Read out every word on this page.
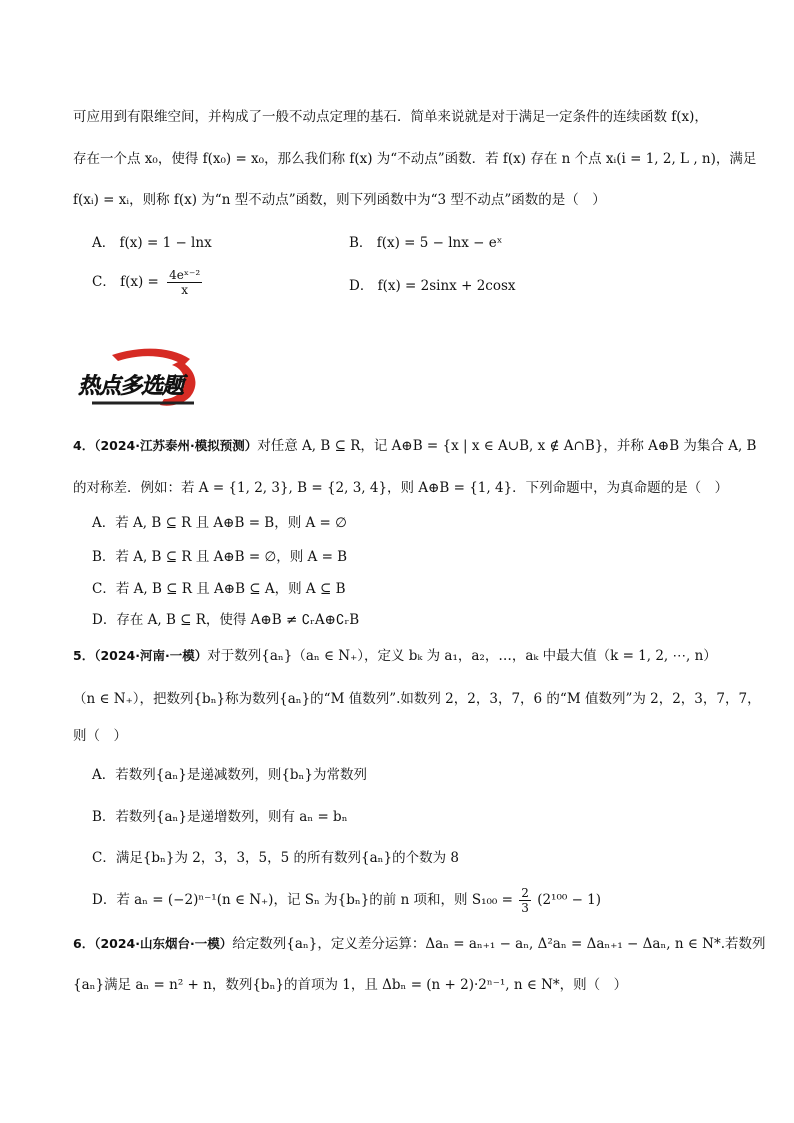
可应用到有限维空间，并构成了一般不动点定理的基石．简单来说就是对于满足一定条件的连续函数 f(x)，
存在一个点 x₀，使得 f(x₀) = x₀，那么我们称 f(x) 为“不动点”函数．若 f(x) 存在 n 个点 xᵢ(i = 1, 2, L , n)，满足
f(xᵢ) = xᵢ，则称 f(x) 为“n 型不动点”函数，则下列函数中为“3 型不动点”函数的是（　）
A． f(x) = 1 − lnx	B． f(x) = 5 − lnx − eˣ
C． $f(x) = \frac{\text{4eˣ⁻²}}{x}$	D． f(x) = 2sinx + 2cosx
热点多选题
4．（2024·江苏泰州·模拟预测）对任意 A, B ⊆ R，记 A⊕B = {x | x ∈ A∪B, x ∉ A∩B}，并称 A⊕B 为集合 A, B
的对称差．例如：若 A = {1, 2, 3}, B = {2, 3, 4}，则 A⊕B = {1, 4}．下列命题中，为真命题的是（　）
A．若 A, B ⊆ R 且 A⊕B = B，则 A = ∅
B．若 A, B ⊆ R 且 A⊕B = ∅，则 A = B
C．若 A, B ⊆ R 且 A⊕B ⊆ A，则 A ⊆ B
D．存在 A, B ⊆ R，使得 A⊕B ≠ ∁ᵣA⊕∁ᵣB
5．（2024·河南·一模）对于数列{aₙ}（aₙ ∈ N₊），定义 bₖ 为 a₁，a₂，…，aₖ 中最大值（k = 1, 2, ⋯, n）
（n ∈ N₊），把数列{bₙ}称为数列{aₙ}的“M 值数列”.如数列 2，2，3，7，6 的“M 值数列”为 2，2，3，7，7，
则（　）
A．若数列{aₙ}是递减数列，则{bₙ}为常数列
B．若数列{aₙ}是递增数列，则有 aₙ = bₙ
C．满足{bₙ}为 2，3，3，5，5 的所有数列{aₙ}的个数为 8
D．若 aₙ = (−2)ⁿ⁻¹(n ∈ N₊)，记 Sₙ 为{bₙ}的前 n 项和，则 $S_{100} = \frac{2}{3} (2^{100} - 1)$
6．（2024·山东烟台·一模）给定数列{aₙ}，定义差分运算：Δaₙ = aₙ₊₁ − aₙ, Δ²aₙ = Δaₙ₊₁ − Δaₙ, n ∈ N*.若数列
{aₙ}满足 aₙ = n² + n，数列{bₙ}的首项为 1，且 Δbₙ = (n + 2)·2ⁿ⁻¹, n ∈ N*，则（　）
